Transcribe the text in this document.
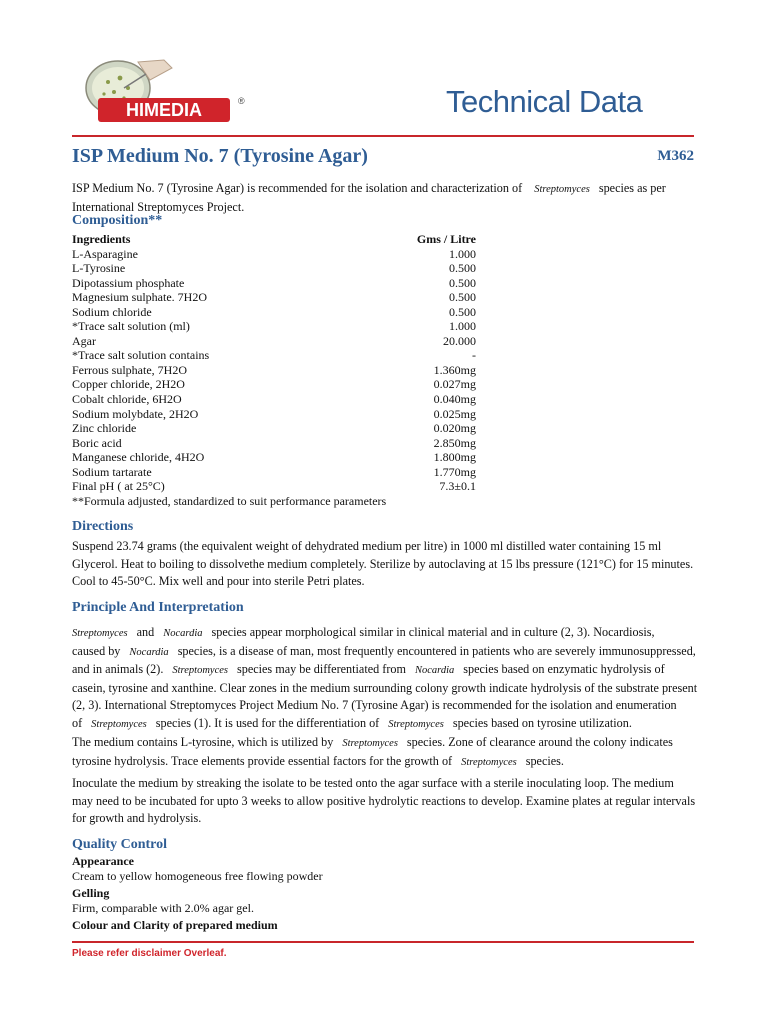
HIMEDIA	®	Technical Data
ISP Medium No. 7 (Tyrosine Agar)	M362
ISP Medium No. 7 (Tyrosine Agar) is recommended for the isolation and characterization of Streptomyces species as per
International Streptomyces Project.
Composition**
Ingredients	Gms / Litre
L-Asparagine	1.000
L-Tyrosine	0.500
Dipotassium phosphate	0.500
Magnesium sulphate. 7H2O	0.500
Sodium chloride	0.500
*Trace salt solution (ml)	1.000
Agar	20.000
*Trace salt solution contains	-
Ferrous sulphate, 7H2O	1.360mg
Copper chloride, 2H2O	0.027mg
Cobalt chloride, 6H2O	0.040mg
Sodium molybdate, 2H2O	0.025mg
Zinc chloride	0.020mg
Boric acid	2.850mg
Manganese chloride, 4H2O	1.800mg
Sodium tartarate	1.770mg
Final pH ( at 25°C)	7.3±0.1
**Formula adjusted, standardized to suit performance parameters
Directions
Suspend 23.74 grams (the equivalent weight of dehydrated medium per litre) in 1000 ml distilled water containing 15 ml
Glycerol. Heat to boiling to dissolvethe medium completely. Sterilize by autoclaving at 15 lbs pressure (121°C) for 15 minutes.
Cool to 45-50°C. Mix well and pour into sterile Petri plates.
Principle And Interpretation
Streptomyces and Nocardia species appear morphological similar in clinical material and in culture (2, 3). Nocardiosis,
caused by Nocardia species, is a disease of man, most frequently encountered in patients who are severely immunosuppressed,
and in animals (2). Streptomyces species may be differentiated from Nocardia species based on enzymatic hydrolysis of
casein, tyrosine and xanthine. Clear zones in the medium surrounding colony growth indicate hydrolysis of the substrate present
(2, 3). International Streptomyces Project Medium No. 7 (Tyrosine Agar) is recommended for the isolation and enumeration
of Streptomyces species (1). It is used for the differentiation of Streptomyces species based on tyrosine utilization.
The medium contains L-tyrosine, which is utilized by Streptomyces species. Zone of clearance around the colony indicates
tyrosine hydrolysis. Trace elements provide essential factors for the growth of Streptomyces species.
Inoculate the medium by streaking the isolate to be tested onto the agar surface with a sterile inoculating loop. The medium
may need to be incubated for upto 3 weeks to allow positive hydrolytic reactions to develop. Examine plates at regular intervals
for growth and hydrolysis.
Quality Control
Appearance
Cream to yellow homogeneous free flowing powder
Gelling
Firm, comparable with 2.0% agar gel.
Colour and Clarity of prepared medium
Please refer disclaimer Overleaf.
